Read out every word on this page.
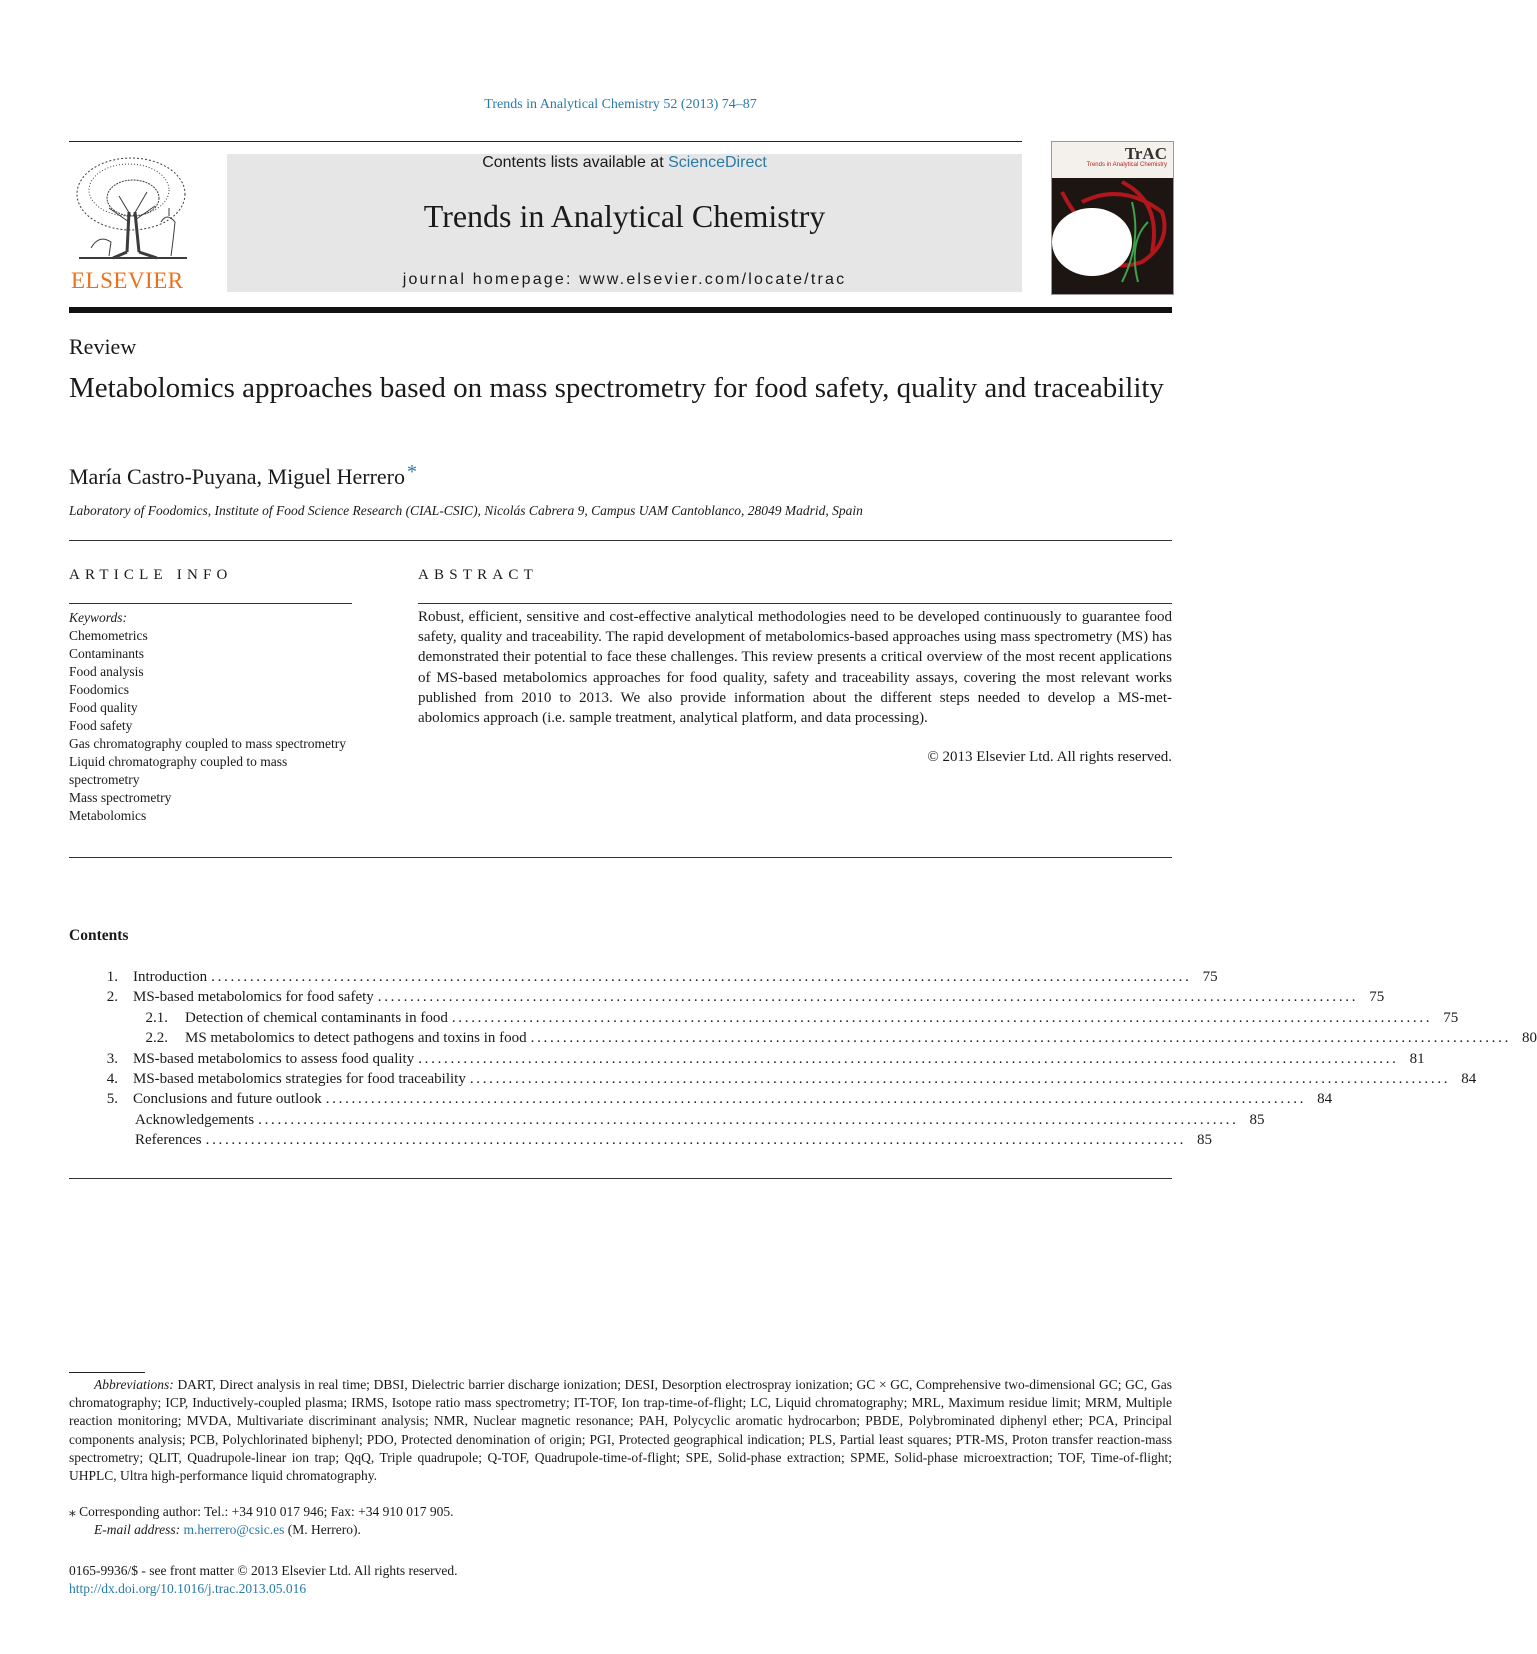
Trends in Analytical Chemistry 52 (2013) 74–87
ELSEVIER
Contents lists available at ScienceDirect
Trends in Analytical Chemistry
journal homepage: www.elsevier.com/locate/trac
TrAC
Trends in Analytical Chemistry
Review
Metabolomics approaches based on mass spectrometry for food safety, quality and traceability
María Castro-Puyana, Miguel Herrero *
Laboratory of Foodomics, Institute of Food Science Research (CIAL-CSIC), Nicolás Cabrera 9, Campus UAM Cantoblanco, 28049 Madrid, Spain
ARTICLE INFO
Keywords:
Chemometrics
Contaminants
Food analysis
Foodomics
Food quality
Food safety
Gas chromatography coupled to mass spectrometry
Liquid chromatography coupled to mass spectrometry
Mass spectrometry
Metabolomics
ABSTRACT
Robust, efficient, sensitive and cost-effective analytical methodologies need to be developed continuously to guarantee food safety, quality and traceability. The rapid development of metabolomics-based approaches using mass spectrometry (MS) has demonstrated their potential to face these challenges. This review presents a critical overview of the most recent applications of MS-based metabolomics approaches for food quality, safety and traceability assays, covering the most relevant works published from 2010 to 2013. We also provide information about the different steps needed to develop a MS-met-
abolomics approach (i.e. sample treatment, analytical platform, and data processing).
© 2013 Elsevier Ltd. All rights reserved.
Contents
1.	Introduction ........................................................................................................................................................ 75
2.	MS-based metabolomics for food safety ........................................................................................................................................................ 75
2.1.	Detection of chemical contaminants in food ........................................................................................................................................................ 75
2.2.	MS metabolomics to detect pathogens and toxins in food ........................................................................................................................................................ 80
3.	MS-based metabolomics to assess food quality ........................................................................................................................................................ 81
4.	MS-based metabolomics strategies for food traceability ........................................................................................................................................................ 84
5.	Conclusions and future outlook ........................................................................................................................................................ 84
Acknowledgements ........................................................................................................................................................ 85
References ........................................................................................................................................................ 85
Abbreviations: DART, Direct analysis in real time; DBSI, Dielectric barrier discharge ionization; DESI, Desorption electrospray ionization; GC × GC, Comprehensive two-dimensional GC; GC, Gas chromatography; ICP, Inductively-coupled plasma; IRMS, Isotope ratio mass spectrometry; IT-TOF, Ion trap-time-of-flight; LC, Liquid chromatography; MRL, Maximum residue limit; MRM, Multiple reaction monitoring; MVDA, Multivariate discriminant analysis; NMR, Nuclear magnetic resonance; PAH, Polycyclic aromatic hydrocarbon; PBDE, Polybrominated diphenyl ether; PCA, Principal components analysis; PCB, Polychlorinated biphenyl; PDO, Protected denomination of origin; PGI, Protected geographical indication; PLS, Partial least squares; PTR-MS, Proton transfer reaction-mass spectrometry; QLIT, Quadrupole-linear ion trap; QqQ, Triple quadrupole; Q-TOF, Quadrupole-time-of-flight; SPE, Solid-phase extraction; SPME, Solid-phase microextraction; TOF, Time-of-flight; UHPLC, Ultra high-performance liquid chromatography.
⁎ Corresponding author: Tel.: +34 910 017 946; Fax: +34 910 017 905.
E-mail address: m.herrero@csic.es (M. Herrero).
0165-9936/$ - see front matter © 2013 Elsevier Ltd. All rights reserved.
http://dx.doi.org/10.1016/j.trac.2013.05.016
